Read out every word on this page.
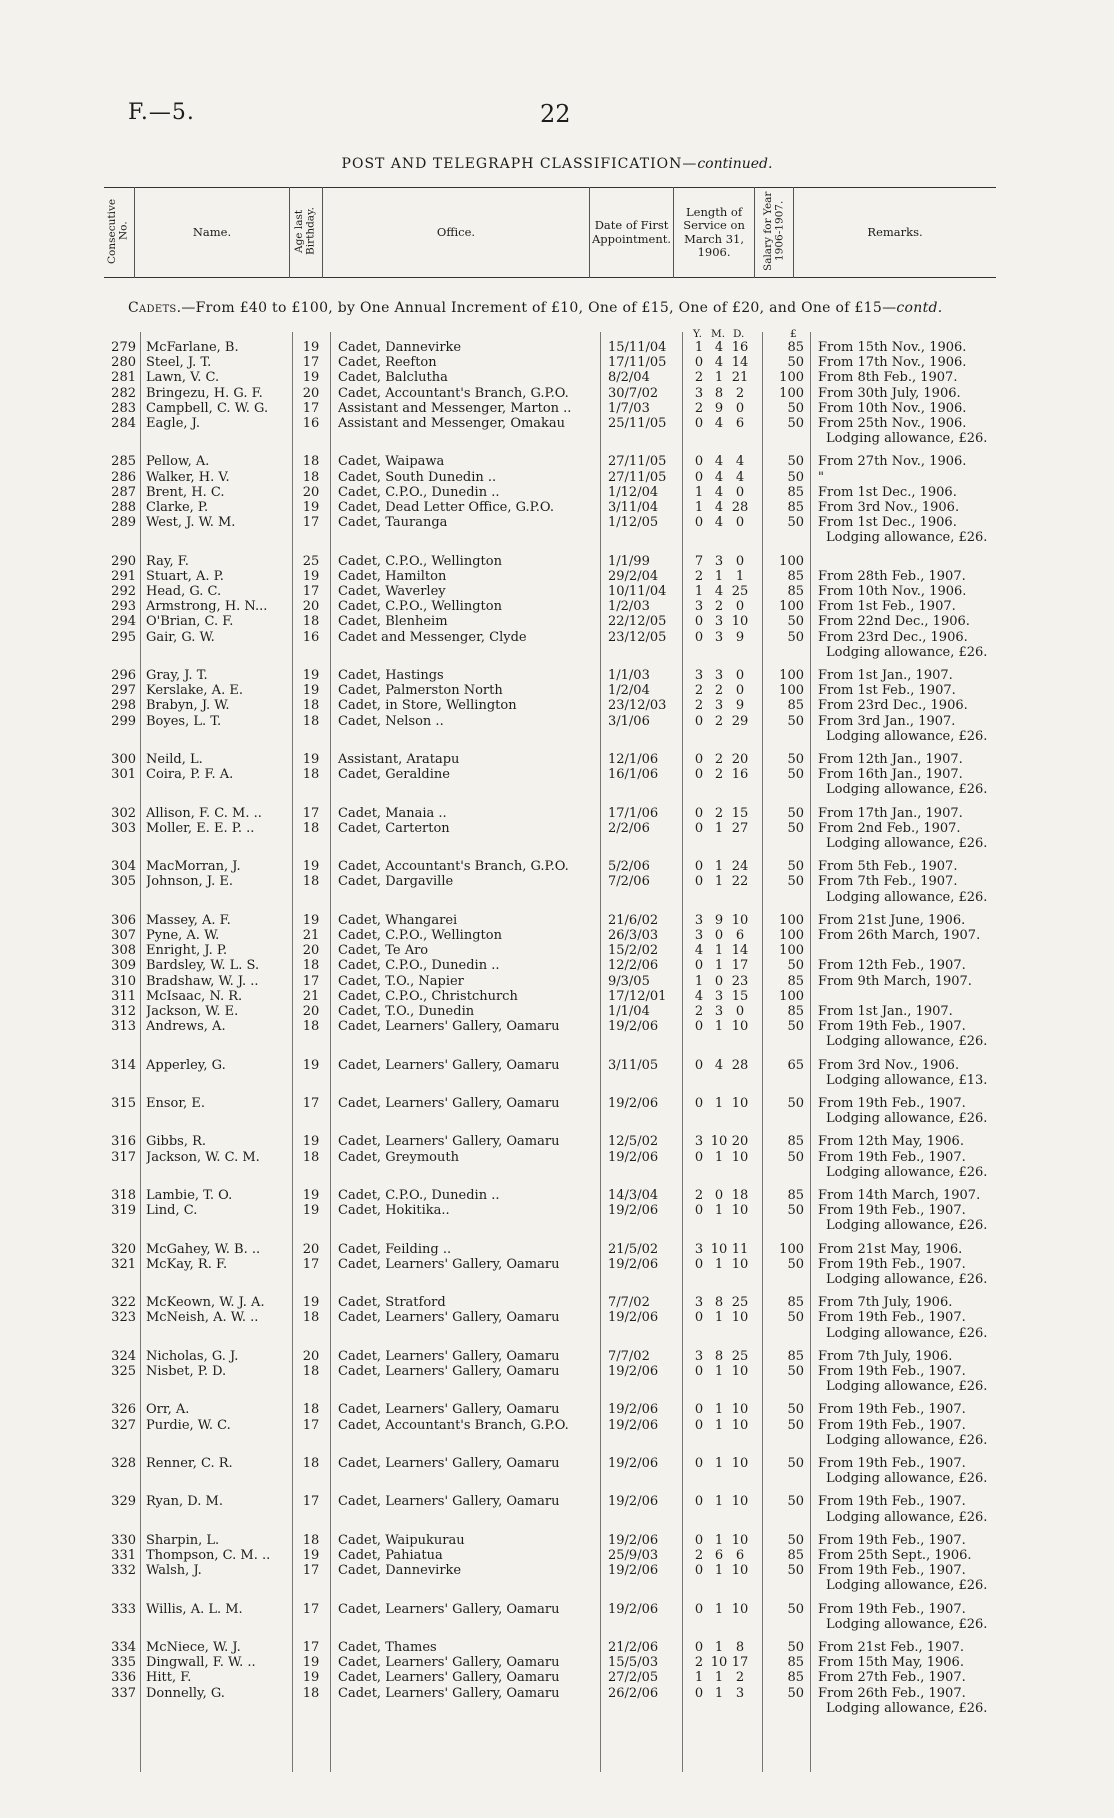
F.—5.	22
POST AND TELEGRAPH CLASSIFICATION—continued.
Consecutive No.	Name.	Age last Birthday.	Office.	Date of First Appointment.	Length of Service on March 31, 1906.	Salary for Year 1906-1907.	Remarks.
Cadets.—From £40 to £100, by One Annual Increment of £10, One of £15, One of £20, and One of £15—contd.
Y. M. D.	£
279 McFarlane, B.	19	Cadet, Dannevirke	15/11/04	1 4 16	85 From 15th Nov., 1906.
280 Steel, J. T.	17	Cadet, Reefton	17/11/05	0 4 14	50 From 17th Nov., 1906.
281 Lawn, V. C.	19	Cadet, Balclutha	8/2/04	2 1 21	100 From 8th Feb., 1907.
282 Bringezu, H. G. F.	20	Cadet, Accountant's Branch, G.P.O.	30/7/02	3 8 2	100 From 30th July, 1906.
283 Campbell, C. W. G.	17	Assistant and Messenger, Marton ..	1/7/03	2 9 0	50 From 10th Nov., 1906.
284 Eagle, J.	16	Assistant and Messenger, Omakau	25/11/05	0 4 6	50 From 25th Nov., 1906.
Lodging allowance, £26.
285 Pellow, A.	18	Cadet, Waipawa	27/11/05	0 4 4	50 From 27th Nov., 1906.
286 Walker, H. V.	18	Cadet, South Dunedin ..	27/11/05	0 4 4	50 "
287 Brent, H. C.	20	Cadet, C.P.O., Dunedin ..	1/12/04	1 4 0	85 From 1st Dec., 1906.
288 Clarke, P.	19	Cadet, Dead Letter Office, G.P.O.	3/11/04	1 4 28	85 From 3rd Nov., 1906.
289 West, J. W. M.	17	Cadet, Tauranga	1/12/05	0 4 0	50 From 1st Dec., 1906.
Lodging allowance, £26.
290 Ray, F.	25	Cadet, C.P.O., Wellington	1/1/99	7 3 0	100
291 Stuart, A. P.	19	Cadet, Hamilton	29/2/04	2 1 1	85 From 28th Feb., 1907.
292 Head, G. C.	17	Cadet, Waverley	10/11/04	1 4 25	85 From 10th Nov., 1906.
293 Armstrong, H. N...	20	Cadet, C.P.O., Wellington	1/2/03	3 2 0	100 From 1st Feb., 1907.
294 O'Brian, C. F.	18	Cadet, Blenheim	22/12/05	0 3 10	50 From 22nd Dec., 1906.
295 Gair, G. W.	16	Cadet and Messenger, Clyde	23/12/05	0 3 9	50 From 23rd Dec., 1906.
Lodging allowance, £26.
296 Gray, J. T.	19	Cadet, Hastings	1/1/03	3 3 0	100 From 1st Jan., 1907.
297 Kerslake, A. E.	19	Cadet, Palmerston North	1/2/04	2 2 0	100 From 1st Feb., 1907.
298 Brabyn, J. W.	18	Cadet, in Store, Wellington	23/12/03	2 3 9	85 From 23rd Dec., 1906.
299 Boyes, L. T.	18	Cadet, Nelson ..	3/1/06	0 2 29	50 From 3rd Jan., 1907.
Lodging allowance, £26.
300 Neild, L.	19	Assistant, Aratapu	12/1/06	0 2 20	50 From 12th Jan., 1907.
301 Coira, P. F. A.	18	Cadet, Geraldine	16/1/06	0 2 16	50 From 16th Jan., 1907.
Lodging allowance, £26.
302 Allison, F. C. M. ..	17	Cadet, Manaia ..	17/1/06	0 2 15	50 From 17th Jan., 1907.
303 Moller, E. E. P. ..	18	Cadet, Carterton	2/2/06	0 1 27	50 From 2nd Feb., 1907.
Lodging allowance, £26.
304 MacMorran, J.	19	Cadet, Accountant's Branch, G.P.O.	5/2/06	0 1 24	50 From 5th Feb., 1907.
305 Johnson, J. E.	18	Cadet, Dargaville	7/2/06	0 1 22	50 From 7th Feb., 1907.
Lodging allowance, £26.
306 Massey, A. F.	19	Cadet, Whangarei	21/6/02	3 9 10	100 From 21st June, 1906.
307 Pyne, A. W.	21	Cadet, C.P.O., Wellington	26/3/03	3 0 6	100 From 26th March, 1907.
308 Enright, J. P.	20	Cadet, Te Aro	15/2/02	4 1 14	100
309 Bardsley, W. L. S.	18	Cadet, C.P.O., Dunedin ..	12/2/06	0 1 17	50 From 12th Feb., 1907.
310 Bradshaw, W. J. ..	17	Cadet, T.O., Napier	9/3/05	1 0 23	85 From 9th March, 1907.
311 McIsaac, N. R.	21	Cadet, C.P.O., Christchurch	17/12/01	4 3 15	100
312 Jackson, W. E.	20	Cadet, T.O., Dunedin	1/1/04	2 3 0	85 From 1st Jan., 1907.
313 Andrews, A.	18	Cadet, Learners' Gallery, Oamaru	19/2/06	0 1 10	50 From 19th Feb., 1907.
Lodging allowance, £26.
314 Apperley, G.	19	Cadet, Learners' Gallery, Oamaru	3/11/05	0 4 28	65 From 3rd Nov., 1906.
Lodging allowance, £13.
315 Ensor, E.	17	Cadet, Learners' Gallery, Oamaru	19/2/06	0 1 10	50 From 19th Feb., 1907.
Lodging allowance, £26.
316 Gibbs, R.	19	Cadet, Learners' Gallery, Oamaru	12/5/02	3 10 20	85 From 12th May, 1906.
317 Jackson, W. C. M.	18	Cadet, Greymouth	19/2/06	0 1 10	50 From 19th Feb., 1907.
Lodging allowance, £26.
318 Lambie, T. O.	19	Cadet, C.P.O., Dunedin ..	14/3/04	2 0 18	85 From 14th March, 1907.
319 Lind, C.	19	Cadet, Hokitika..	19/2/06	0 1 10	50 From 19th Feb., 1907.
Lodging allowance, £26.
320 McGahey, W. B. ..	20	Cadet, Feilding ..	21/5/02	3 10 11	100 From 21st May, 1906.
321 McKay, R. F.	17	Cadet, Learners' Gallery, Oamaru	19/2/06	0 1 10	50 From 19th Feb., 1907.
Lodging allowance, £26.
322 McKeown, W. J. A.	19	Cadet, Stratford	7/7/02	3 8 25	85 From 7th July, 1906.
323 McNeish, A. W. ..	18	Cadet, Learners' Gallery, Oamaru	19/2/06	0 1 10	50 From 19th Feb., 1907.
Lodging allowance, £26.
324 Nicholas, G. J.	20	Cadet, Learners' Gallery, Oamaru	7/7/02	3 8 25	85 From 7th July, 1906.
325 Nisbet, P. D.	18	Cadet, Learners' Gallery, Oamaru	19/2/06	0 1 10	50 From 19th Feb., 1907.
Lodging allowance, £26.
326 Orr, A.	18	Cadet, Learners' Gallery, Oamaru	19/2/06	0 1 10	50 From 19th Feb., 1907.
327 Purdie, W. C.	17	Cadet, Accountant's Branch, G.P.O.	19/2/06	0 1 10	50 From 19th Feb., 1907.
Lodging allowance, £26.
328 Renner, C. R.	18	Cadet, Learners' Gallery, Oamaru	19/2/06	0 1 10	50 From 19th Feb., 1907.
Lodging allowance, £26.
329 Ryan, D. M.	17	Cadet, Learners' Gallery, Oamaru	19/2/06	0 1 10	50 From 19th Feb., 1907.
Lodging allowance, £26.
330 Sharpin, L.	18	Cadet, Waipukurau	19/2/06	0 1 10	50 From 19th Feb., 1907.
331 Thompson, C. M. ..	19	Cadet, Pahiatua	25/9/03	2 6 6	85 From 25th Sept., 1906.
332 Walsh, J.	17	Cadet, Dannevirke	19/2/06	0 1 10	50 From 19th Feb., 1907.
Lodging allowance, £26.
333 Willis, A. L. M.	17	Cadet, Learners' Gallery, Oamaru	19/2/06	0 1 10	50 From 19th Feb., 1907.
Lodging allowance, £26.
334 McNiece, W. J.	17	Cadet, Thames	21/2/06	0 1 8	50 From 21st Feb., 1907.
335 Dingwall, F. W. ..	19	Cadet, Learners' Gallery, Oamaru	15/5/03	2 10 17	85 From 15th May, 1906.
336 Hitt, F.	19	Cadet, Learners' Gallery, Oamaru	27/2/05	1 1 2	85 From 27th Feb., 1907.
337 Donnelly, G.	18	Cadet, Learners' Gallery, Oamaru	26/2/06	0 1 3	50 From 26th Feb., 1907.
Lodging allowance, £26.
